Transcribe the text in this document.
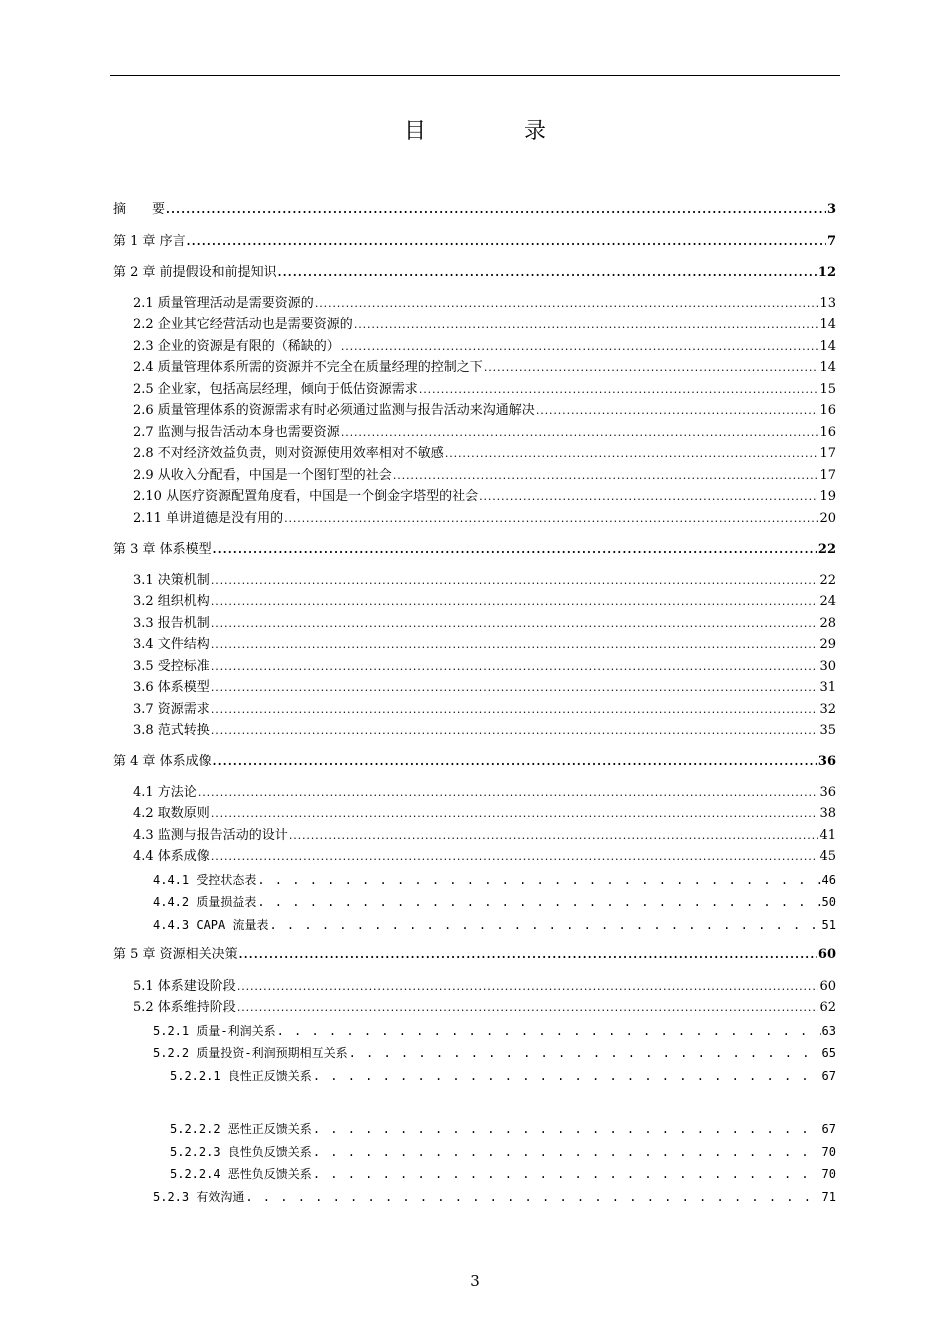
目　录
摘　　要 . . .	3
第 1 章 序言 . . .	7
第 2 章 前提假设和前提知识 . . .	12
2.1 质量管理活动是需要资源的 . . .	13
2.2 企业其它经营活动也是需要资源的 . . .	14
2.3 企业的资源是有限的（稀缺的） . . .	14
2.4 质量管理体系所需的资源并不完全在质量经理的控制之下 . . .	14
2.5 企业家，包括高层经理，倾向于低估资源需求 . . .	15
2.6 质量管理体系的资源需求有时必须通过监测与报告活动来沟通解决 . . .	16
2.7 监测与报告活动本身也需要资源 . . .	16
2.8 不对经济效益负责，则对资源使用效率相对不敏感 . . .	17
2.9 从收入分配看，中国是一个图钉型的社会 . . .	17
2.10 从医疗资源配置角度看，中国是一个倒金字塔型的社会 . . .	19
2.11 单讲道德是没有用的 . . .	20
第 3 章 体系模型 . . .	22
3.1 决策机制 . . .	22
3.2 组织机构 . . .	24
3.3 报告机制 . . .	28
3.4 文件结构 . . .	29
3.5 受控标准 . . .	30
3.6 体系模型 . . .	31
3.7 资源需求 . . .	32
3.8 范式转换 . . .	35
第 4 章 体系成像 . . .	36
4.1 方法论 . . .	36
4.2 取数原则 . . .	38
4.3 监测与报告活动的设计 . . .	41
4.4 体系成像 . . .	45
4.4.1 受控状态表 . . .	46
4.4.2 质量损益表 . . .	50
4.4.3 CAPA 流量表 . . .	51
第 5 章 资源相关决策 . . .	60
5.1 体系建设阶段 . . .	60
5.2 体系维持阶段 . . .	62
5.2.1 质量-利润关系 . . .	63
5.2.2 质量投资-利润预期相互关系 . . .	65
5.2.2.1 良性正反馈关系 . . .	67
5.2.2.2 恶性正反馈关系 . . .	67
5.2.2.3 良性负反馈关系 . . .	70
5.2.2.4 恶性负反馈关系 . . .	70
5.2.3 有效沟通 . . .	71
3
